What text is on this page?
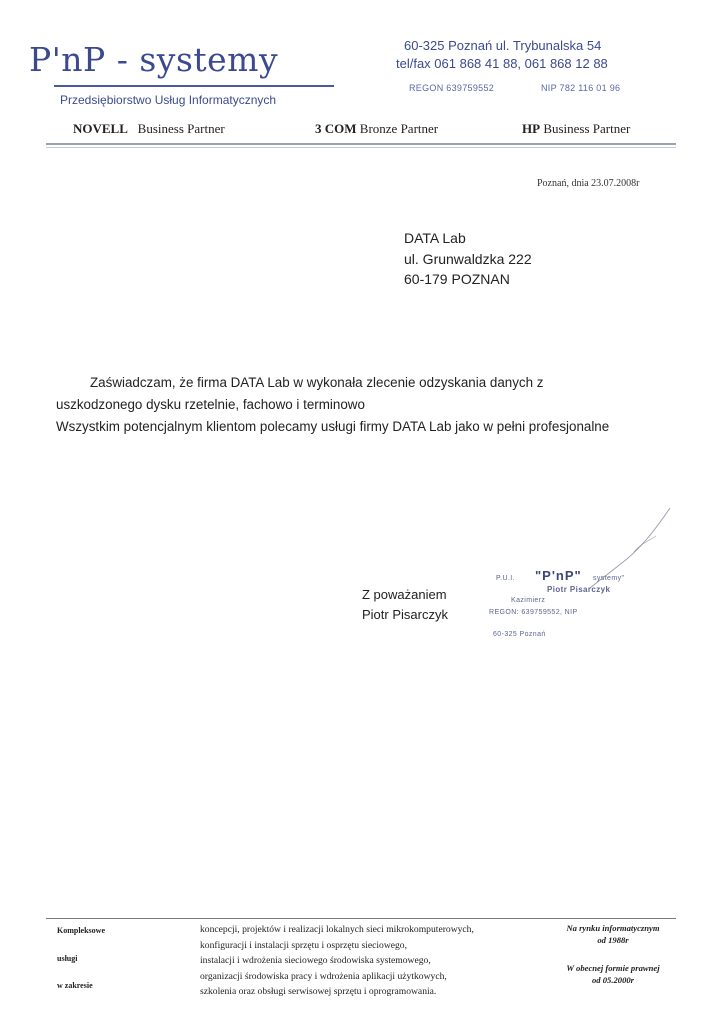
P'nP - systemy
Przedsiębiorstwo Usług Informatycznych
60-325 Poznań ul. Trybunalska 54
tel/fax 061 868 41 88, 061 868 12 88
REGON 639759552	NIP 782 116 01 96
NOVELL Business Partner	3 COM Bronze Partner	HP Business Partner
Poznań, dnia 23.07.2008r
DATA Lab
ul. Grunwaldzka 222
60-179 POZNAN

Zaświadczam, że firma DATA Lab w wykonała zlecenie odzyskania danych z

uszkodzonego dysku rzetelnie, fachowo i terminowo

Wszystkim potencjalnym klientom polecamy usługi firmy DATA Lab jako w pełni profesjonalne

Z poważaniem
Piotr Pisarczyk
P.U.I. "P'nP" systemy"
Piotr Pisarczyk
Kazimierz
REGON: 639759552, NIP
60-325 Poznań
Kompleksowe
usługi
w zakresie
koncepcji, projektów i realizacji lokalnych sieci mikrokomputerowych,
konfiguracji i instalacji sprzętu i osprzętu sieciowego,
instalacji i wdrożenia sieciowego środowiska systemowego,
organizacji środowiska pracy i wdrożenia aplikacji użytkowych,
szkolenia oraz obsługi serwisowej sprzętu i oprogramowania.
Na rynku informatycznym
od 1988r
W obecnej formie prawnej
od 05.2000r
